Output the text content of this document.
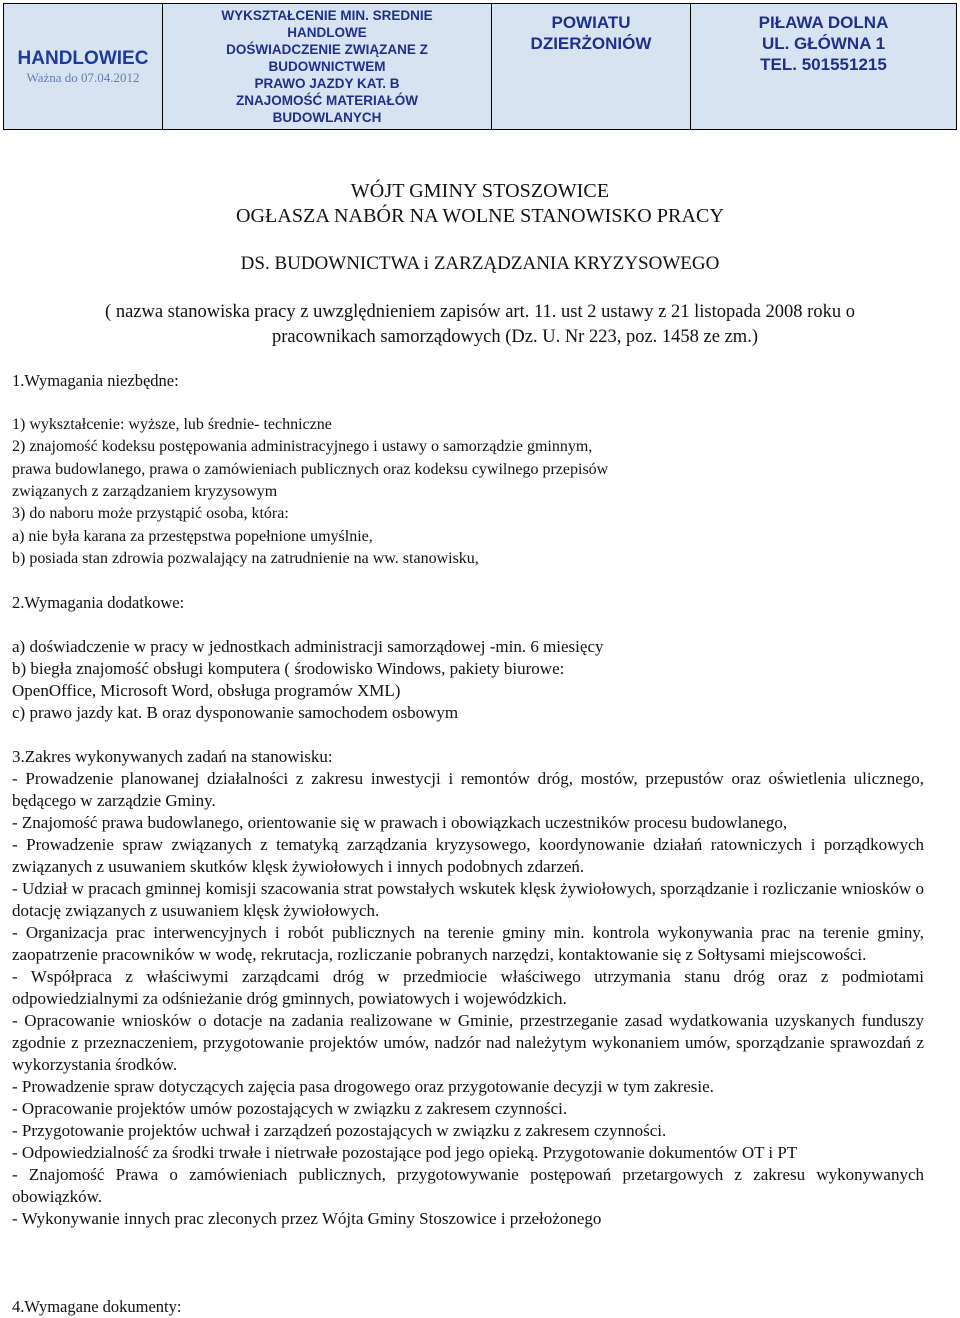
HANDLOWIEC
Ważna do 07.04.2012

WYKSZTAŁCENIE MIN. SREDNIE
HANDLOWE
DOŚWIADCZENIE ZWIĄZANE Z
BUDOWNICTWEM
PRAWO JAZDY KAT. B
ZNAJOMOŚĆ MATERIAŁÓW
BUDOWLANYCH

POWIATU
DZIERŻONIÓW

PIŁAWA DOLNA
UL. GŁÓWNA 1
TEL. 501551215
WÓJT GMINY STOSZOWICE
OGŁASZA NABÓR NA WOLNE STANOWISKO PRACY
DS. BUDOWNICTWA i ZARZĄDZANIA KRYZYSOWEGO
( nazwa stanowiska pracy z uwzględnieniem zapisów art. 11. ust 2 ustawy z 21 listopada 2008 roku o
pracownikach samorządowych (Dz. U. Nr 223, poz. 1458 ze zm.)
1.Wymagania niezbędne:
1) wykształcenie: wyższe, lub średnie- techniczne
2) znajomość kodeksu postępowania administracyjnego i ustawy o samorządzie gminnym,
prawa budowlanego, prawa o zamówieniach publicznych oraz kodeksu cywilnego przepisów
związanych z zarządzaniem kryzysowym
3) do naboru może przystąpić osoba, która:
a) nie była karana za przestępstwa popełnione umyślnie,
b) posiada stan zdrowia pozwalający na zatrudnienie na ww. stanowisku,
2.Wymagania dodatkowe:
a) doświadczenie w pracy w jednostkach administracji samorządowej -min. 6 miesięcy
b) biegła znajomość obsługi komputera ( środowisko Windows, pakiety biurowe:
OpenOffice, Microsoft Word, obsługa programów XML)
c) prawo jazdy kat. B oraz dysponowanie samochodem osbowym
3.Zakres wykonywanych zadań na stanowisku:

- Prowadzenie planowanej działalności z zakresu inwestycji i remontów dróg, mostów, przepustów oraz oświetlenia ulicznego, będącego w zarządzie Gminy.

- Znajomość prawa budowlanego, orientowanie się w prawach i obowiązkach uczestników procesu budowlanego,

- Prowadzenie spraw związanych z tematyką zarządzania kryzysowego, koordynowanie działań ratowniczych i porządkowych związanych z usuwaniem skutków klęsk żywiołowych i innych podobnych zdarzeń.

- Udział w pracach gminnej komisji szacowania strat powstałych wskutek klęsk żywiołowych, sporządzanie i rozliczanie wniosków o dotację związanych z usuwaniem klęsk żywiołowych.

- Organizacja prac interwencyjnych i robót publicznych na terenie gminy min. kontrola wykonywania prac na terenie gminy, zaopatrzenie pracowników w wodę, rekrutacja, rozliczanie pobranych narzędzi, kontaktowanie się z Sołtysami miejscowości.

- Współpraca z właściwymi zarządcami dróg w przedmiocie właściwego utrzymania stanu dróg oraz z podmiotami odpowiedzialnymi za odśnieżanie dróg gminnych, powiatowych i wojewódzkich.

- Opracowanie wniosków o dotacje na zadania realizowane w Gminie, przestrzeganie zasad wydatkowania uzyskanych funduszy zgodnie z przeznaczeniem, przygotowanie projektów umów, nadzór nad należytym wykonaniem umów, sporządzanie sprawozdań z wykorzystania środków.

- Prowadzenie spraw dotyczących zajęcia pasa drogowego oraz przygotowanie decyzji w tym zakresie.

- Opracowanie projektów umów pozostających w związku z zakresem czynności.

- Przygotowanie projektów uchwał i zarządzeń pozostających w związku z zakresem czynności.

- Odpowiedzialność za środki trwałe i nietrwałe pozostające pod jego opieką. Przygotowanie dokumentów OT i PT

- Znajomość Prawa o zamówieniach publicznych, przygotowywanie postępowań przetargowych z zakresu wykonywanych obowiązków.

- Wykonywanie innych prac zleconych przez Wójta Gminy Stoszowice i przełożonego

4.Wymagane dokumenty:
